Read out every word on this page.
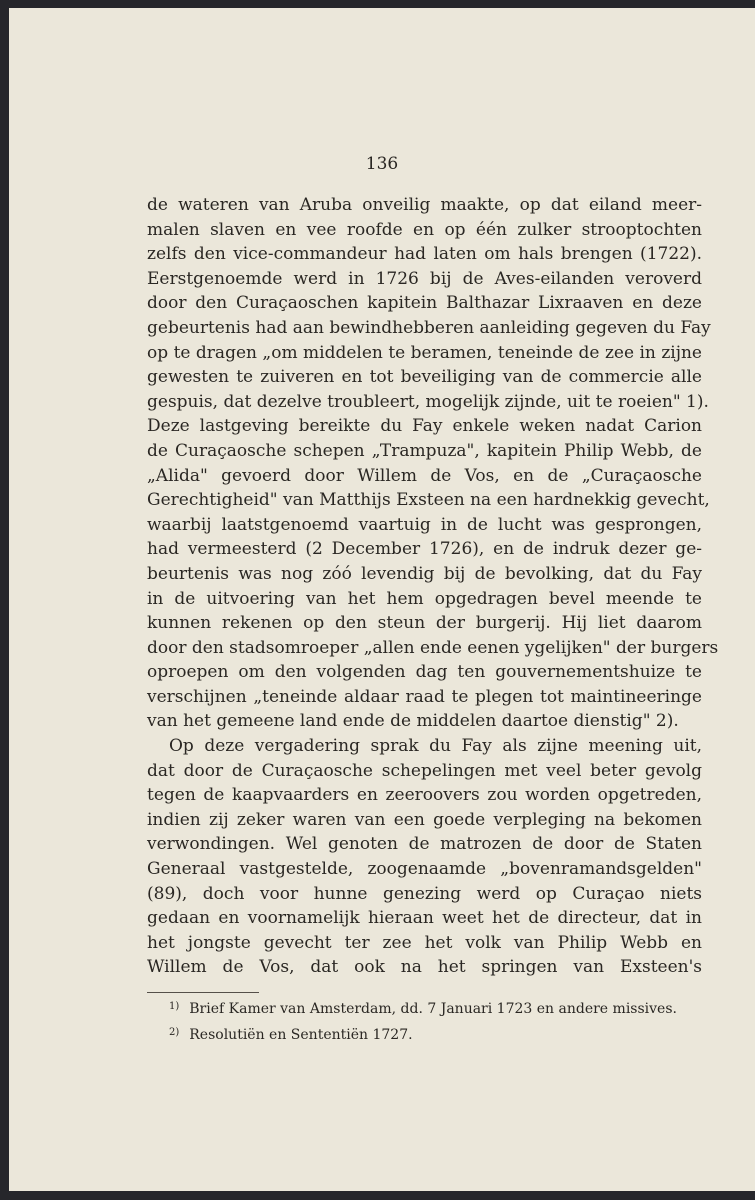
136
de wateren van Aruba onveilig maakte, op dat eiland meer-
malen slaven en vee roofde en op één zulker strooptochten
zelfs den vice-commandeur had laten om hals brengen (1722).
Eerstgenoemde werd in 1726 bij de Aves-eilanden veroverd
door den Curaçaoschen kapitein Balthazar Lixraaven en deze
gebeurtenis had aan bewindhebberen aanleiding gegeven du Fay
op te dragen „om middelen te beramen, teneinde de zee in zijne
gewesten te zuiveren en tot beveiliging van de commercie alle
gespuis, dat dezelve troubleert, mogelijk zijnde, uit te roeien" 1).
Deze lastgeving bereikte du Fay enkele weken nadat Carion
de Curaçaosche schepen „Trampuza", kapitein Philip Webb, de
„Alida" gevoerd door Willem de Vos, en de „Curaçaosche
Gerechtigheid" van Matthijs Exsteen na een hardnekkig gevecht,
waarbij laatstgenoemd vaartuig in de lucht was gesprongen,
had vermeesterd (2 December 1726), en de indruk dezer ge-
beurtenis was nog zóó levendig bij de bevolking, dat du Fay
in de uitvoering van het hem opgedragen bevel meende te
kunnen rekenen op den steun der burgerij. Hij liet daarom
door den stadsomroeper „allen ende eenen ygelijken" der burgers
oproepen om den volgenden dag ten gouvernementshuize te
verschijnen „teneinde aldaar raad te plegen tot maintineeringe
van het gemeene land ende de middelen daartoe dienstig" 2).
Op deze vergadering sprak du Fay als zijne meening uit,
dat door de Curaçaosche schepelingen met veel beter gevolg
tegen de kaapvaarders en zeeroovers zou worden opgetreden,
indien zij zeker waren van een goede verpleging na bekomen
verwondingen. Wel genoten de matrozen de door de Staten
Generaal vastgestelde, zoogenaamde „bovenramandsgelden"
(89), doch voor hunne genezing werd op Curaçao niets
gedaan en voornamelijk hieraan weet het de directeur, dat in
het jongste gevecht ter zee het volk van Philip Webb en
Willem de Vos, dat ook na het springen van Exsteen's
$^{1)}$ Brief Kamer van Amsterdam, dd. 7 Januari 1723 en andere missives.
$^{2)}$ Resolutiën en Sententiën 1727.
